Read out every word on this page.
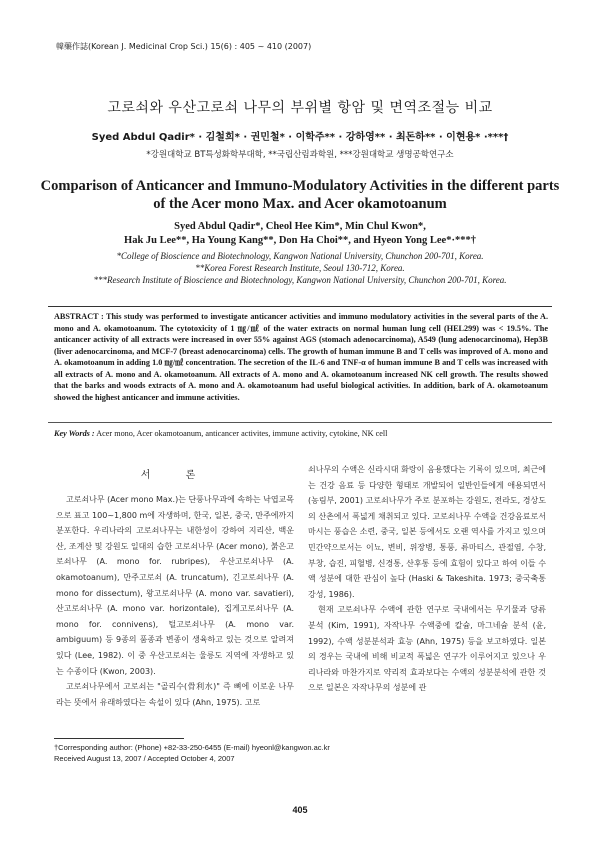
韓藥作誌(Korean J. Medicinal Crop Sci.) 15(6) : 405 ~ 410 (2007)
고로쇠와 우산고로쇠 나무의 부위별 항암 및 면역조절능 비교
Syed Abdul Qadir* · 김철희* · 권민철* · 이학주** · 강하영** · 최돈하** · 이현용* ·***†
*강원대학교 BT특성화학부대학, **국립산림과학원, ***강원대학교 생명공학연구소
Comparison of Anticancer and Immuno-Modulatory Activities in the different parts
of the Acer mono Max. and Acer okamotoanum
Syed Abdul Qadir*, Cheol Hee Kim*, Min Chul Kwon*,
Hak Ju Lee**, Ha Young Kang**, Don Ha Choi**, and Hyeon Yong Lee*·***†
*College of Bioscience and Biotechnology, Kangwon National University, Chunchon 200-701, Korea.
**Korea Forest Research Institute, Seoul 130-712, Korea.
***Research Institute of Bioscience and Biotechnology, Kangwon National University, Chunchon 200-701, Korea.
ABSTRACT : This study was performed to investigate anticancer activities and immuno modulatory activities in the several parts of the A. mono and A. okamotoanum. The cytotoxicity of 1 ㎎/㎖ of the water extracts on normal human lung cell (HEL299) was < 19.5%. The anticancer activity of all extracts were increased in over 55% against AGS (stomach adenocarcinoma), A549 (lung adenocarcinoma), Hep3B (liver adenocarcinoma, and MCF-7 (breast adenocarcinoma) cells. The growth of human immune B and T cells was improved of A. mono and A. okamotoanum in adding 1.0 ㎎/㎖ concentration. The secretion of the IL-6 and TNF-α of human immune B and T cells was increased with all extracts of A. mono and A. okamotoanum. All extracts of A. mono and A. okamotoanum increased NK cell growth. The results showed that the barks and woods extracts of A. mono and A. okamotoanum had useful biological activities. In addition, bark of A. okamotoanum showed the highest anticancer and immune activities.
Key Words : Acer mono, Acer okamotoanum, anticancer activites, immune activity, cytokine, NK cell
서 론

고로쇠나무 (Acer mono Max.)는 단풍나무과에 속하는 낙엽교목으로 표고 100~1,800 m에 자생하며, 한국, 일본, 중국, 만주에까지 분포한다. 우리나라의 고로쇠나무는 내한성이 강하여 지리산, 백운산, 조계산 및 강원도 일대의 습한 고로쇠나무 (Acer mono), 붉은고로쇠나무 (A. mono for. rubripes), 우산고로쇠나무 (A. okamotoanum), 만주고로쇠 (A. truncatum), 긴고로쇠나무 (A. mono for dissectum), 왕고로쇠나무 (A. mono var. savatieri), 산고로쇠나무 (A. mono var. horizontale), 집게고로쇠나무 (A. mono for. connivens), 털고로쇠나무 (A. mono var. ambiguum) 등 9종의 품종과 변종이 생육하고 있는 것으로 알려져 있다 (Lee, 1982). 이 중 우산고로쇠는 울릉도 지역에 자생하고 있는 수종이다 (Kwon, 2003).

고로쇠나무에서 고로쇠는 "골리수(骨利水)" 즉 뼈에 이로운 나무라는 뜻에서 유래하였다는 속설이 있다 (Ahn, 1975). 고로

쇠나무의 수액은 신라시대 화랑이 음용했다는 기록이 있으며, 최근에는 건강 음료 등 다양한 형태로 개발되어 일반인들에게 애용되면서 (농림부, 2001) 고로쇠나무가 주로 분포하는 강원도, 전라도, 경상도의 산촌에서 폭넓게 채취되고 있다. 고로쇠나무 수액을 건강음료로서 마시는 풍습은 소련, 중국, 일본 등에서도 오랜 역사를 가지고 있으며 민간약으로서는 이뇨, 변비, 위장병, 통풍, 류마티스, 관절염, 수창, 부창, 습진, 피혈병, 신경통, 산후통 등에 효험이 있다고 하여 이들 수액 성분에 대한 관심이 높다 (Haski & Takeshita. 1973; 중국축통강성, 1986).

현재 고로쇠나무 수액에 관한 연구로 국내에서는 무기물과 당류 분석 (Kim, 1991), 자작나무 수액중에 칼슘, 마그네슘 분석 (윤, 1992), 수액 성분분석과 효능 (Ahn, 1975) 등을 보고하였다. 일본의 경우는 국내에 비해 비교적 폭넓은 연구가 이루어지고 있으나 우리나라와 마찬가지로 약리적 효과보다는 수액의 성분분석에 관한 것으로 일본은 자작나무의 성분에 관

†Corresponding author: (Phone) +82-33-250-6455 (E-mail) hyeonl@kangwon.ac.kr
Received August 13, 2007 / Accepted October 4, 2007
405
